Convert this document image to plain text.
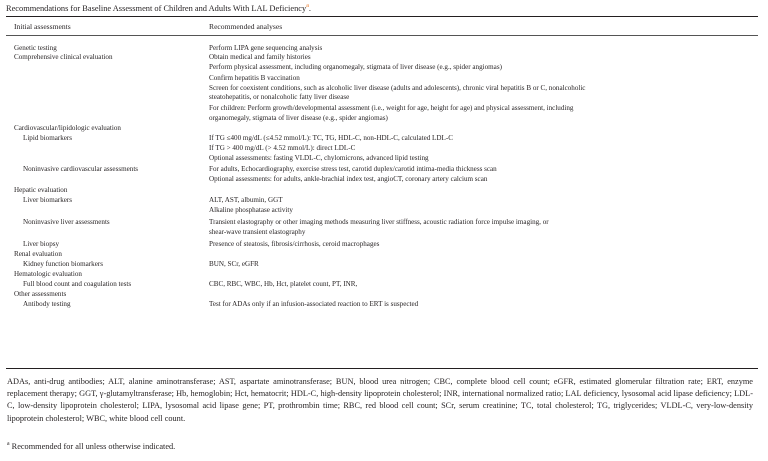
Recommendations for Baseline Assessment of Children and Adults With LAL Deficiency$^a$.
Initial assessments	Recommended analyses
Genetic testing	Perform LIPA gene sequencing analysis
Comprehensive clinical evaluation	Obtain medical and family histories
Perform physical assessment, including organomegaly, stigmata of liver disease (e.g., spider angiomas)
Confirm hepatitis B vaccination
Screen for coexistent conditions, such as alcoholic liver disease (adults and adolescents), chronic viral hepatitis B or C, nonalcoholic
steatohepatitis, or nonalcoholic fatty liver disease
For children: Perform growth/developmental assessment (i.e., weight for age, height for age) and physical assessment, including
organomegaly, stigmata of liver disease (e.g., spider angiomas)
Cardiovascular/lipidologic evaluation
Lipid biomarkers	If TG ≤400 mg/dL (≤4.52 mmol/L): TC, TG, HDL-C, non-HDL-C, calculated LDL-C
If TG > 400 mg/dL (> 4.52 mmol/L): direct LDL-C
Optional assessments: fasting VLDL-C, chylomicrons, advanced lipid testing
Noninvasive cardiovascular assessments	For adults, Echocardiography, exercise stress test, carotid duplex/carotid intima-media thickness scan
Optional assessments: for adults, ankle-brachial index test, angioCT, coronary artery calcium scan
Hepatic evaluation
Liver biomarkers	ALT, AST, albumin, GGT
Alkaline phosphatase activity
Noninvasive liver assessments	Transient elastography or other imaging methods measuring liver stiffness, acoustic radiation force impulse imaging, or
shear-wave transient elastography
Liver biopsy	Presence of steatosis, fibrosis/cirrhosis, ceroid macrophages
Renal evaluation
Kidney function biomarkers	BUN, SCr, eGFR
Hematologic evaluation
Full blood count and coagulation tests	CBC, RBC, WBC, Hb, Hct, platelet count, PT, INR,
Other assessments
Antibody testing	Test for ADAs only if an infusion-associated reaction to ERT is suspected
ADAs, anti-drug antibodies; ALT, alanine aminotransferase; AST, aspartate aminotransferase; BUN, blood urea nitrogen; CBC, complete blood cell count; eGFR, estimated glomerular filtration rate; ERT, enzyme replacement therapy; GGT, γ-glutamyltransferase; Hb, hemoglobin; Hct, hematocrit; HDL-C, high-density lipoprotein cholesterol; INR, international normalized ratio; LAL deficiency, lysosomal acid lipase deficiency; LDL-C, low-density lipoprotein cholesterol; LIPA, lysosomal acid lipase gene; PT, prothrombin time; RBC, red blood cell count; SCr, serum creatinine; TC, total cholesterol; TG, triglycerides; VLDL-C, very-low-density lipoprotein cholesterol; WBC, white blood cell count.
$^a$ Recommended for all unless otherwise indicated.
